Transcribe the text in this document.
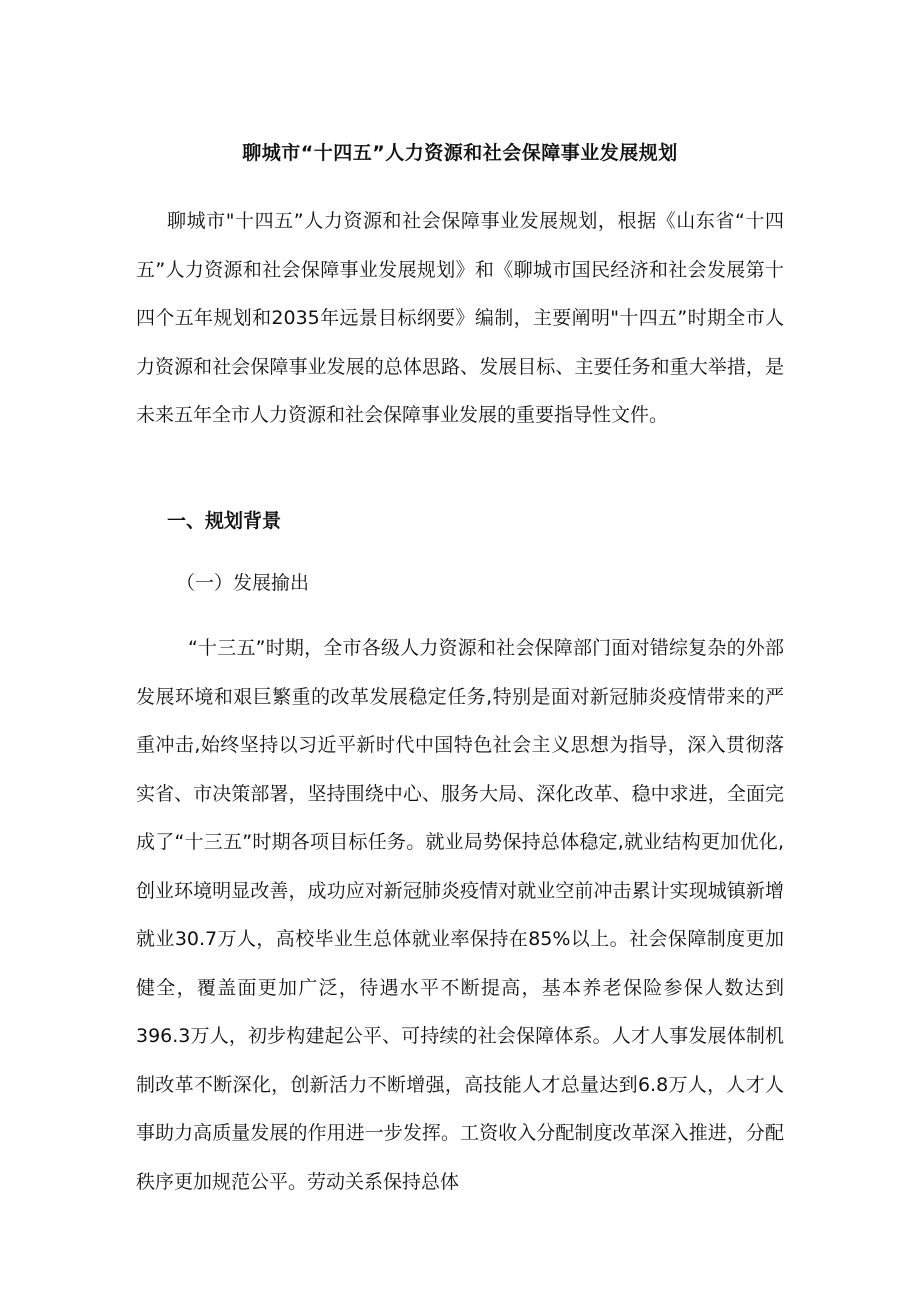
聊城市“十四五”人力资源和社会保障事业发展规划

聊城市"十四五”人力资源和社会保障事业发展规划，根据《山东省“十四五”人力资源和社会保障事业发展规划》和《聊城市国民经济和社会发展第十四个五年规划和2035年远景目标纲要》编制，主要阐明"十四五”时期全市人力资源和社会保障事业发展的总体思路、发展目标、主要任务和重大举措，是未来五年全市人力资源和社会保障事业发展的重要指导性文件。

一、规划背景
（一）发展揄出

“十三五”时期，全市各级人力资源和社会保障部门面对错综复杂的外部发展环境和艰巨繁重的改革发展稳定任务,特别是面对新冠肺炎疫情带来的严重冲击,始终坚持以习近平新时代中国特色社会主义思想为指导，深入贯彻落实省、市决策部署，坚持围绕中心、服务大局、深化改革、稳中求进，全面完成了“十三五”时期各项目标任务。就业局势保持总体稳定,就业结构更加优化,创业环境明显改善，成功应对新冠肺炎疫情对就业空前冲击累计实现城镇新增就业30.7万人，高校毕业生总体就业率保持在85%以上。社会保障制度更加健全，覆盖面更加广泛，待遇水平不断提高，基本养老保险参保人数达到396.3万人，初步构建起公平、可持续的社会保障体系。人才人事发展体制机制改革不断深化，创新活力不断增强，高技能人才总量达到6.8万人，人才人事助力高质量发展的作用进一步发挥。工资收入分配制度改革深入推进，分配秩序更加规范公平。劳动关系保持总体
